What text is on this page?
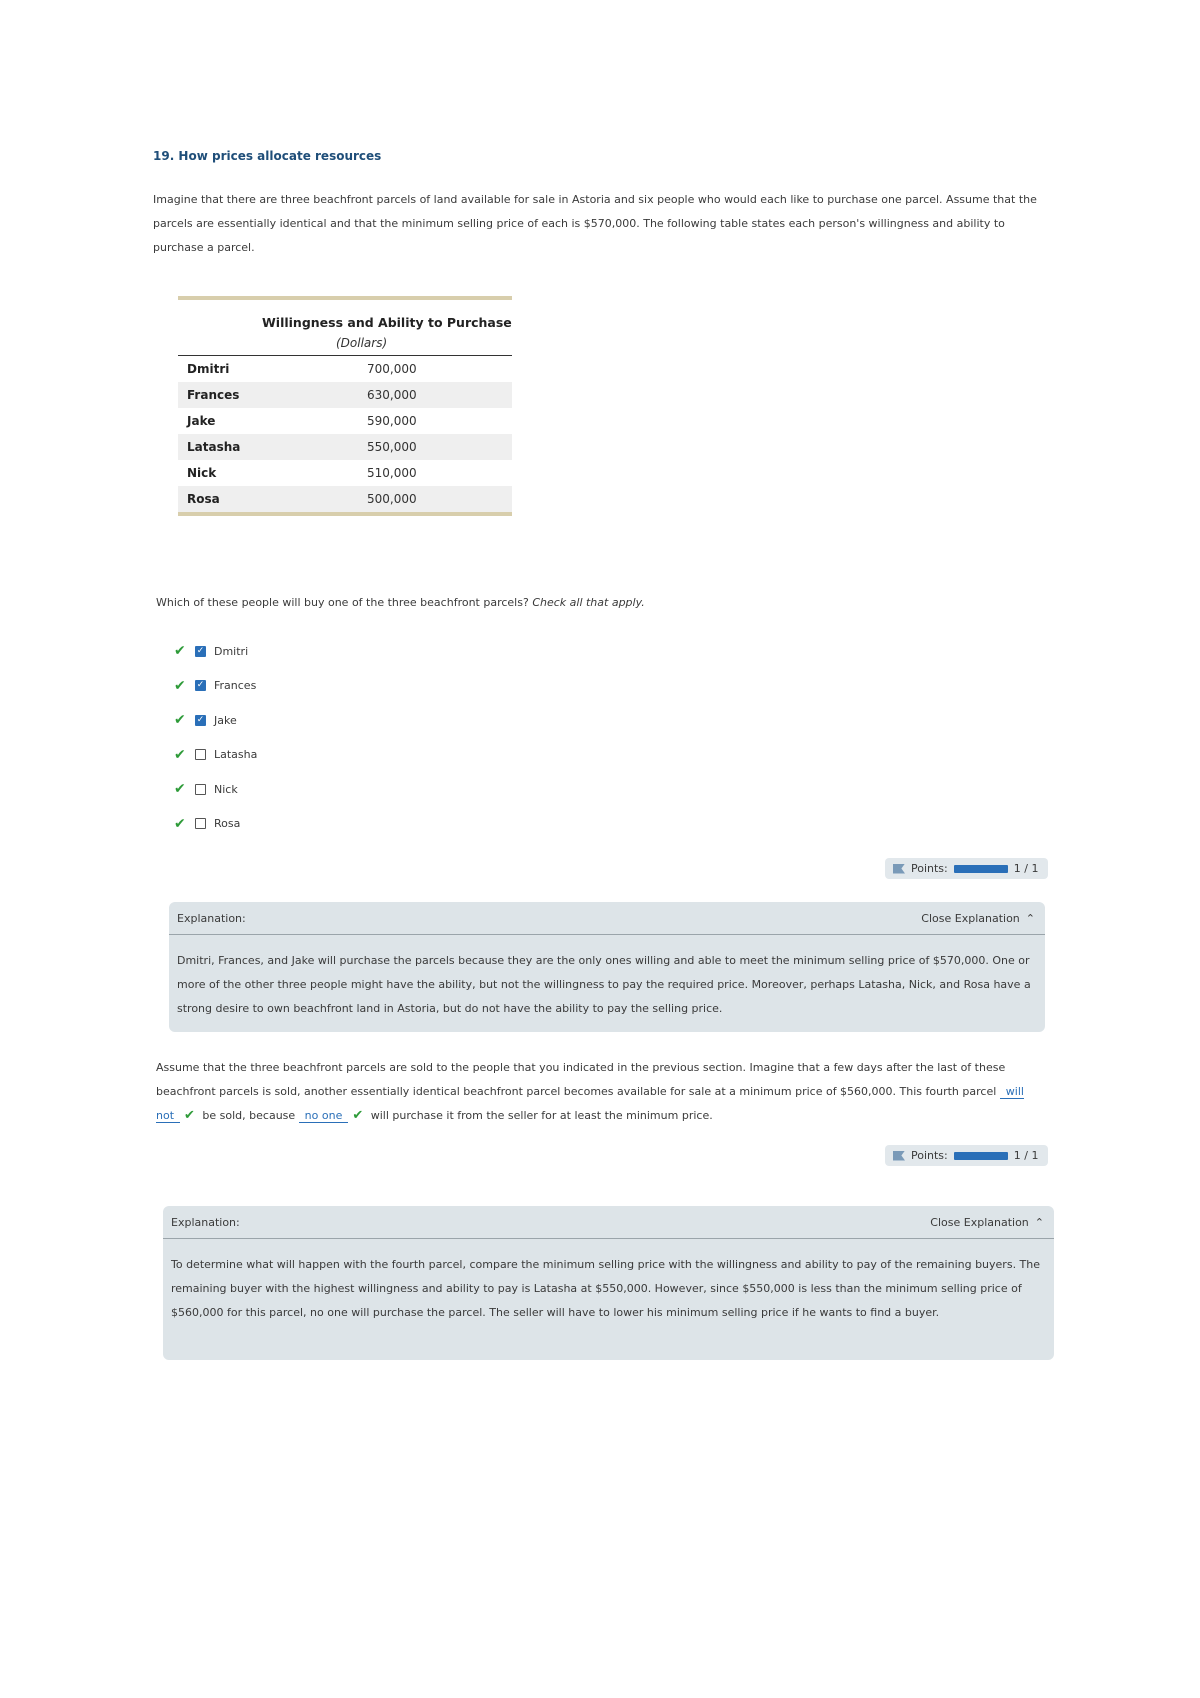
19. How prices allocate resources
Imagine that there are three beachfront parcels of land available for sale in Astoria and six people who would each like to purchase one parcel. Assume that the parcels are essentially identical and that the minimum selling price of each is $570,000. The following table states each person's willingness and ability to purchase a parcel.
Willingness and Ability to Purchase
(Dollars)
Dmitri	700,000
Frances	630,000
Jake	590,000
Latasha	550,000
Nick	510,000
Rosa	500,000
Which of these people will buy one of the three beachfront parcels? Check all that apply.
✔	✓ Dmitri
✔	✓ Frances
✔	✓ Jake
✔	Latasha
✔	Nick
✔	Rosa
Points:	1 / 1
Explanation:	Close Explanation ⌃
Dmitri, Frances, and Jake will purchase the parcels because they are the only ones willing and able to meet the minimum selling price of $570,000. One or more of the other three people might have the ability, but not the willingness to pay the required price. Moreover, perhaps Latasha, Nick, and Rosa have a strong desire to own beachfront land in Astoria, but do not have the ability to pay the selling price.
Assume that the three beachfront parcels are sold to the people that you indicated in the previous section. Imagine that a few days after the last of these beachfront parcels is sold, another essentially identical beachfront parcel becomes available for sale at a minimum price of $560,000. This fourth parcel will not ✔ be sold, because no one ✔ will purchase it from the seller for at least the minimum price.
Points:	1 / 1
Explanation:	Close Explanation ⌃
To determine what will happen with the fourth parcel, compare the minimum selling price with the willingness and ability to pay of the remaining buyers. The remaining buyer with the highest willingness and ability to pay is Latasha at $550,000. However, since $550,000 is less than the minimum selling price of $560,000 for this parcel, no one will purchase the parcel. The seller will have to lower his minimum selling price if he wants to find a buyer.
